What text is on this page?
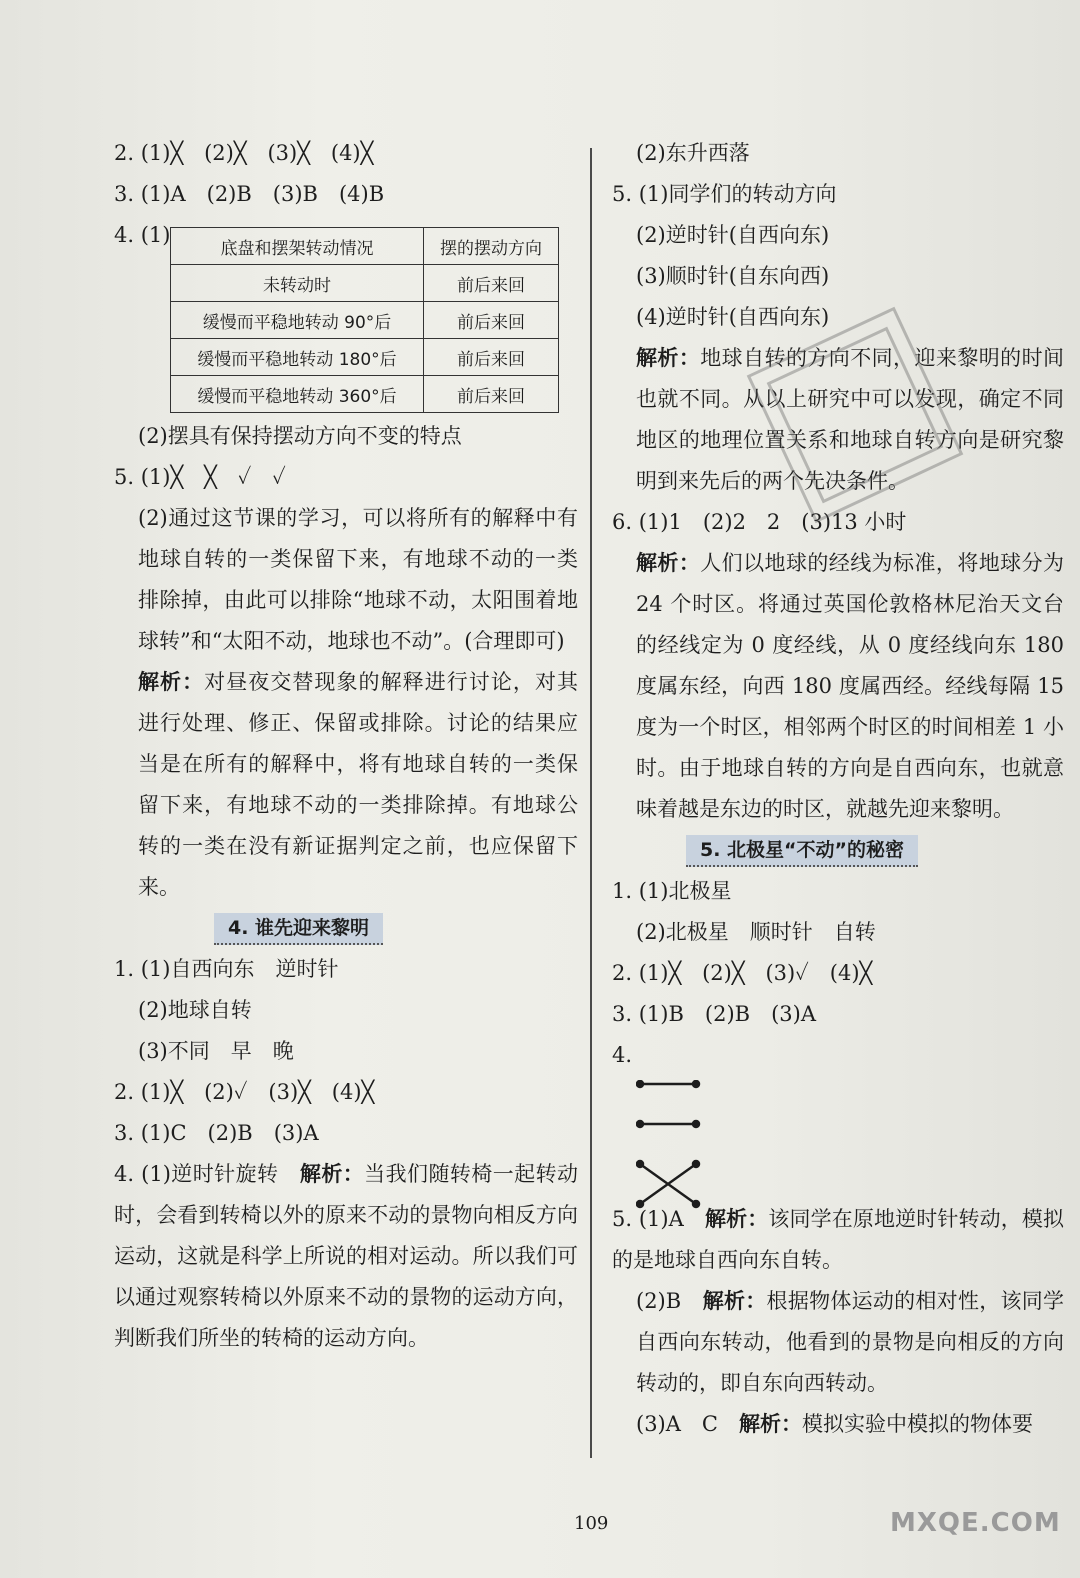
2. (1)╳　(2)╳　(3)╳　(4)╳
3. (1)A　(2)B　(3)B　(4)B
4. (1)
(2)摆具有保持摆动方向不变的特点
5. (1)╳　╳　✓　✓

(2)通过这节课的学习，可以将所有的解释中有地球自转的一类保留下来，有地球不动的一类排除掉，由此可以排除“地球不动，太阳围着地球转”和“太阳不动，地球也不动”。(合理即可)

解析：对昼夜交替现象的解释进行讨论，对其进行处理、修正、保留或排除。讨论的结果应当是在所有的解释中，将有地球自转的一类保留下来，有地球不动的一类排除掉。有地球公转的一类在没有新证据判定之前，也应保留下来。

4. 谁先迎来黎明
1. (1)自西向东　逆时针
(2)地球自转
(3)不同　早　晚
2. (1)╳　(2)✓　(3)╳　(4)╳
3. (1)C　(2)B　(3)A

4. (1)逆时针旋转　 解析：当我们随转椅一起转动时，会看到转椅以外的原来不动的景物向相反方向运动，这就是科学上所说的相对运动。所以我们可以通过观察转椅以外原来不动的景物的运动方向，判断我们所坐的转椅的运动方向。

底盘和摆架转动情况	摆的摆动方向
未转动时	前后来回
缓慢而平稳地转动 90°后	前后来回
缓慢而平稳地转动 180°后	前后来回
缓慢而平稳地转动 360°后	前后来回
(2)东升西落
5. (1)同学们的转动方向
(2)逆时针(自西向东)
(3)顺时针(自东向西)
(4)逆时针(自西向东)

解析：地球自转的方向不同，迎来黎明的时间也就不同。从以上研究中可以发现，确定不同地区的地理位置关系和地球自转方向是研究黎明到来先后的两个先决条件。

6. (1)1　(2)2　2　(3)13 小时

解析：人们以地球的经线为标准，将地球分为 24 个时区。将通过英国伦敦格林尼治天文台的经线定为 0 度经线，从 0 度经线向东 180 度属东经，向西 180 度属西经。经线每隔 15 度为一个时区，相邻两个时区的时间相差 1 小时。由于地球自转的方向是自西向东，也就意味着越是东边的时区，就越先迎来黎明。

5. 北极星“不动”的秘密
1. (1)北极星
(2)北极星　顺时针　自转
2. (1)╳　(2)╳　(3)✓　(4)╳
3. (1)B　(2)B　(3)A
4.

5. (1)A　 解析：该同学在原地逆时针转动，模拟的是地球自西向东自转。

(2)B　 解析：根据物体运动的相对性，该同学自西向东转动，他看到的景物是向相反的方向转动的，即自东向西转动。

(3)A　C　 解析：模拟实验中模拟的物体要

109	MXQE.COM
